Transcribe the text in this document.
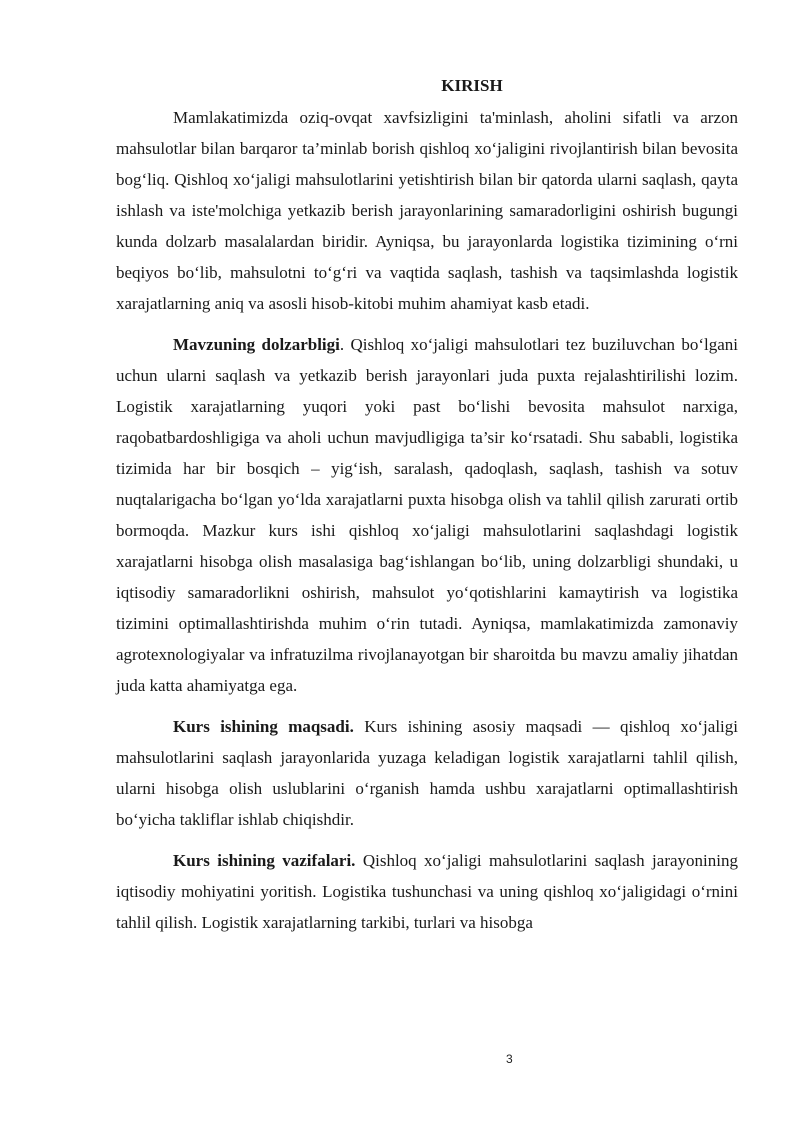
KIRISH

Mamlakatimizda oziq-ovqat xavfsizligini ta'minlash, aholini sifatli va arzon mahsulotlar bilan barqaror ta’minlab borish qishloq xoʻjaligini rivojlantirish bilan bevosita bogʻliq. Qishloq xoʻjaligi mahsulotlarini yetishtirish bilan bir qatorda ularni saqlash, qayta ishlash va iste'molchiga yetkazib berish jarayonlarining samaradorligini oshirish bugungi kunda dolzarb masalalardan biridir. Ayniqsa, bu jarayonlarda logistika tizimining oʻrni beqiyos boʻlib, mahsulotni toʻgʻri va vaqtida saqlash, tashish va taqsimlashda logistik xarajatlarning aniq va asosli hisob-kitobi muhim ahamiyat kasb etadi.

Mavzuning dolzarbligi. Qishloq xoʻjaligi mahsulotlari tez buziluvchan boʻlgani uchun ularni saqlash va yetkazib berish jarayonlari juda puxta rejalashtirilishi lozim. Logistik xarajatlarning yuqori yoki past boʻlishi bevosita mahsulot narxiga, raqobatbardoshligiga va aholi uchun mavjudligiga ta’sir koʻrsatadi. Shu sababli, logistika tizimida har bir bosqich – yigʻish, saralash, qadoqlash, saqlash, tashish va sotuv nuqtalarigacha boʻlgan yoʻlda xarajatlarni puxta hisobga olish va tahlil qilish zarurati ortib bormoqda. Mazkur kurs ishi qishloq xoʻjaligi mahsulotlarini saqlashdagi logistik xarajatlarni hisobga olish masalasiga bagʻishlangan boʻlib, uning dolzarbligi shundaki, u iqtisodiy samaradorlikni oshirish, mahsulot yoʻqotishlarini kamaytirish va logistika tizimini optimallashtirishda muhim oʻrin tutadi. Ayniqsa, mamlakatimizda zamonaviy agrotexnologiyalar va infratuzilma rivojlanayotgan bir sharoitda bu mavzu amaliy jihatdan juda katta ahamiyatga ega.

Kurs ishining maqsadi. Kurs ishining asosiy maqsadi — qishloq xoʻjaligi mahsulotlarini saqlash jarayonlarida yuzaga keladigan logistik xarajatlarni tahlil qilish, ularni hisobga olish uslublarini oʻrganish hamda ushbu xarajatlarni optimallashtirish boʻyicha takliflar ishlab chiqishdir.

Kurs ishining vazifalari. Qishloq xoʻjaligi mahsulotlarini saqlash jarayonining iqtisodiy mohiyatini yoritish. Logistika tushunchasi va uning qishloq xoʻjaligidagi oʻrnini tahlil qilish. Logistik xarajatlarning tarkibi, turlari va hisobga

3
